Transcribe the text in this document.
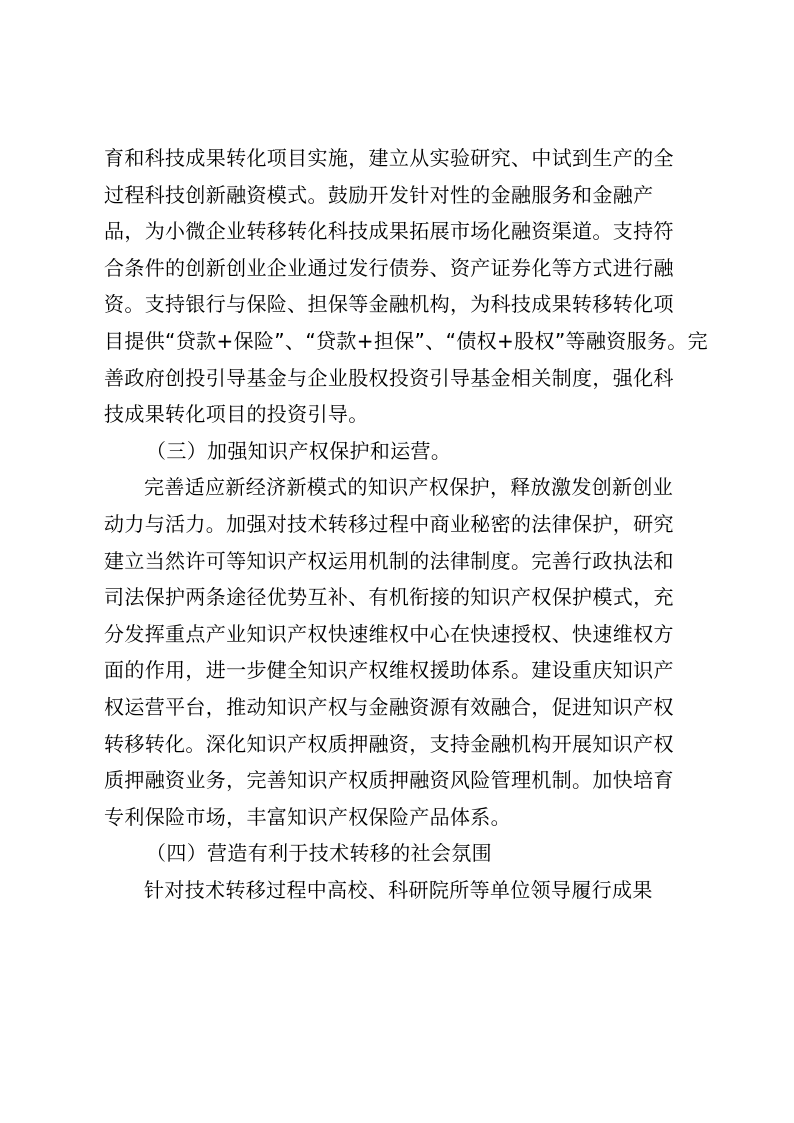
育和科技成果转化项目实施，建立从实验研究、中试到生产的全
过程科技创新融资模式。鼓励开发针对性的金融服务和金融产
品，为小微企业转移转化科技成果拓展市场化融资渠道。支持符
合条件的创新创业企业通过发行债券、资产证券化等方式进行融
资。支持银行与保险、担保等金融机构，为科技成果转移转化项
目提供“贷款+保险”、“贷款+担保”、“债权+股权”等融资服务。完
善政府创投引导基金与企业股权投资引导基金相关制度，强化科
技成果转化项目的投资引导。
（三）加强知识产权保护和运营。
完善适应新经济新模式的知识产权保护，释放激发创新创业
动力与活力。加强对技术转移过程中商业秘密的法律保护，研究
建立当然许可等知识产权运用机制的法律制度。完善行政执法和
司法保护两条途径优势互补、有机衔接的知识产权保护模式，充
分发挥重点产业知识产权快速维权中心在快速授权、快速维权方
面的作用，进一步健全知识产权维权援助体系。建设重庆知识产
权运营平台，推动知识产权与金融资源有效融合，促进知识产权
转移转化。深化知识产权质押融资，支持金融机构开展知识产权
质押融资业务，完善知识产权质押融资风险管理机制。加快培育
专利保险市场，丰富知识产权保险产品体系。
（四）营造有利于技术转移的社会氛围
针对技术转移过程中高校、科研院所等单位领导履行成果
